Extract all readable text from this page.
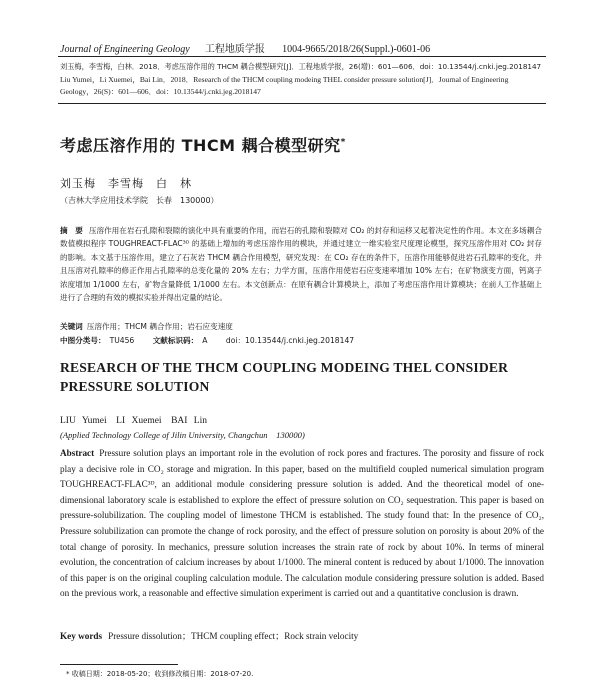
Journal of Engineering Geology 工程地质学报 1004-9665/2018/26(Suppl.)-0601-06
刘玉梅，李雪梅，白林．2018．考虑压溶作用的 THCM 耦合模型研究[J]．工程地质学报，26(增)：601—606．doi：10.13544/j.cnki.jeg.2018147
Liu Yumei，Li Xuemei，Bai Lin．2018．Research of the THCM coupling modeing THEL consider pressure solution[J]．Journal of Engineering Geology，26(S)：601—606．doi：10.13544/j.cnki.jeg.2018147
考虑压溶作用的 THCM 耦合模型研究*
刘玉梅　李雪梅　白　林
（吉林大学应用技术学院　长春　130000）
摘　要 压溶作用在岩石孔隙和裂隙的演化中具有重要的作用，而岩石的孔隙和裂隙对 CO₂ 的封存和运移又起着决定性的作用。本文在多场耦合数值模拟程序 TOUGHREACT-FLAC³ᴰ 的基础上增加的考虑压溶作用的模块，并通过建立一维实验室尺度理论模型，探究压溶作用对 CO₂ 封存的影响。本文基于压溶作用，建立了石灰岩 THCM 耦合作用模型，研究发现：在 CO₂ 存在的条件下，压溶作用能够促进岩石孔隙率的变化，并且压溶对孔隙率的修正作用占孔隙率的总变化量的 20% 左右；力学方面，压溶作用使岩石应变速率增加 10% 左右；在矿物演变方面，钙离子浓度增加 1/1000 左右，矿物含量降低 1/1000 左右。本文创新点：在原有耦合计算模块上，添加了考虑压溶作用计算模块；在前人工作基础上进行了合理的有效的模拟实验并得出定量的结论。
关键词 压溶作用；THCM 耦合作用；岩石应变速度
中图分类号： TU456 文献标识码： A doi：10.13544/j.cnki.jeg.2018147
RESEARCH OF THE THCM COUPLING MODEING THEL CONSIDER PRESSURE SOLUTION
LIU Yumei　LI Xuemei　BAI Lin
(Applied Technology College of Jilin University, Changchun　130000)
Abstract Pressure solution plays an important role in the evolution of rock pores and fractures. The porosity and fissure of rock play a decisive role in CO₂ storage and migration. In this paper, based on the multifield coupled numerical simulation program TOUGHREACT-FLAC³ᴰ, an additional module considering pressure solution is added. And the theoretical model of one-dimensional laboratory scale is established to explore the effect of pressure solution on CO₂ sequestration. This paper is based on pressure-solubilization. The coupling model of limestone THCM is established. The study found that: In the presence of CO₂, Pressure solubilization can promote the change of rock porosity, and the effect of pressure solution on porosity is about 20% of the total change of porosity. In mechanics, pressure solution increases the strain rate of rock by about 10%. In terms of mineral evolution, the concentration of calcium increases by about 1/1000. The mineral content is reduced by about 1/1000. The innovation of this paper is on the original coupling calculation module. The calculation module considering pressure solution is added. Based on the previous work, a reasonable and effective simulation experiment is carried out and a quantitative conclusion is drawn.
Key words Pressure dissolution；THCM coupling effect；Rock strain velocity
* 收稿日期：2018-05-20；收到修改稿日期：2018-07-20.
